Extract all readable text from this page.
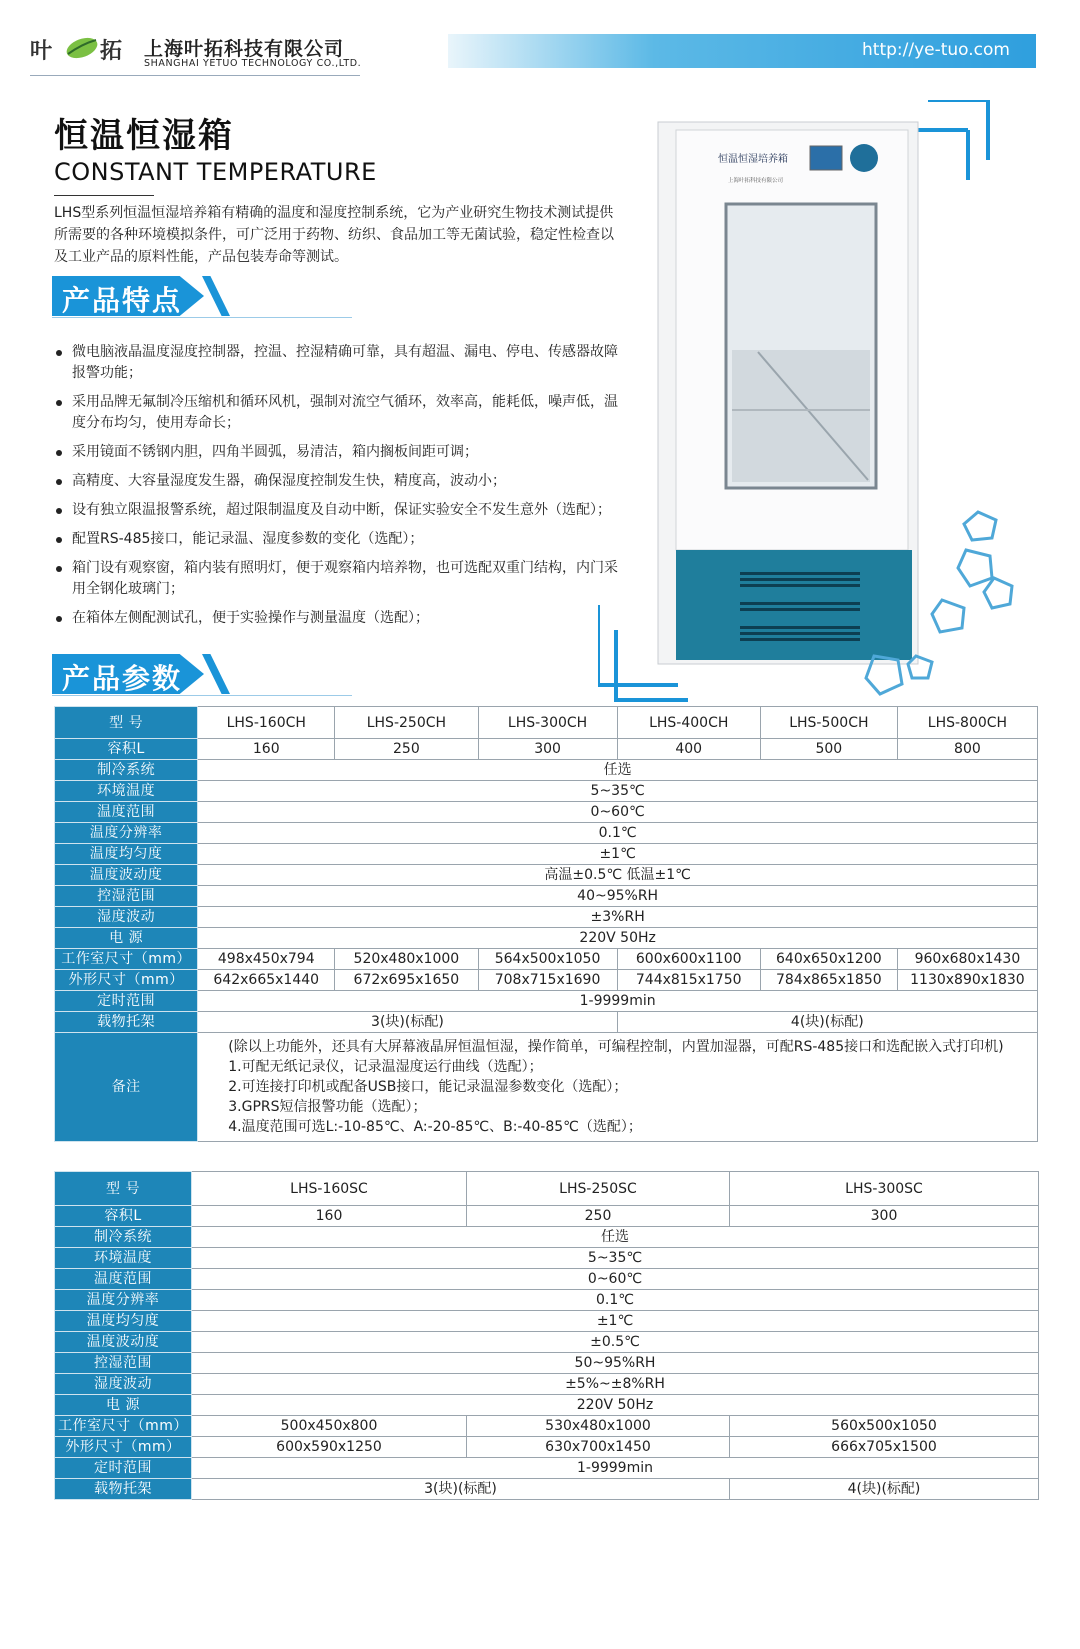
叶 拓 上海叶拓科技有限公司
SHANGHAI YETUO TECHNOLOGY CO.,LTD.
http://ye-tuo.com
恒温恒湿箱
CONSTANT TEMPERATURE
LHS型系列恒温恒湿培养箱有精确的温度和湿度控制系统，它为产业研究生物技术测试提供所需要的各种环境模拟条件，可广泛用于药物、纺织、食品加工等无菌试验，稳定性检查以及工业产品的原料性能，产品包装寿命等测试。
产品特点
微电脑液晶温度湿度控制器，控温、控湿精确可靠，具有超温、漏电、停电、传感器故障报警功能；
采用品牌无氟制冷压缩机和循环风机，强制对流空气循环，效率高，能耗低，噪声低，温度分布均匀，使用寿命长；
采用镜面不锈钢内胆，四角半圆弧，易清洁，箱内搁板间距可调；
高精度、大容量湿度发生器，确保湿度控制发生快，精度高，波动小；
设有独立限温报警系统，超过限制温度及自动中断，保证实验安全不发生意外（选配）；
配置RS-485接口，能记录温、湿度参数的变化（选配）；
箱门设有观察窗，箱内装有照明灯，便于观察箱内培养物，也可选配双重门结构，内门采用全钢化玻璃门；
在箱体左侧配测试孔，便于实验操作与测量温度（选配）；
恒温恒湿培养箱
上海叶拓科技有限公司
产品参数
型 号	LHS-160CH	LHS-250CH	LHS-300CH	LHS-400CH	LHS-500CH	LHS-800CH
容积L	160	250	300	400	500	800
制冷系统	任选					
环境温度	5~35℃					
温度范围	0~60℃					
温度分辨率	0.1℃					
温度均匀度	±1℃					
温度波动度	高温±0.5℃ 低温±1℃					
控湿范围	40~95%RH					
湿度波动	±3%RH					
电 源	220V 50Hz					
工作室尺寸（mm）	498x450x794	520x480x1000	564x500x1050	600x600x1100	640x650x1200	960x680x1430
外形尺寸（mm）	642x665x1440	672x695x1650	708x715x1690	744x815x1750	784x865x1850	1130x890x1830
定时范围	1-9999min					
载物托架	3(块)(标配)			4(块)(标配)		
备注	(除以上功能外，还具有大屏幕液晶屏恒温恒湿，操作简单，可编程控制，内置加湿器，可配RS-485接口和选配嵌入式打印机)
1.可配无纸记录仪，记录温湿度运行曲线（选配）；
2.可连接打印机或配备USB接口，能记录温湿参数变化（选配）；
3.GPRS短信报警功能（选配）；
4.温度范围可选L:-10-85℃、A:-20-85℃、B:-40-85℃（选配）；					
型 号	LHS-160SC	LHS-250SC	LHS-300SC
容积L	160	250	300
制冷系统	任选		
环境温度	5~35℃		
温度范围	0~60℃		
温度分辨率	0.1℃		
温度均匀度	±1℃		
温度波动度	±0.5℃		
控湿范围	50~95%RH		
湿度波动	±5%~±8%RH		
电 源	220V 50Hz		
工作室尺寸（mm）	500x450x800	530x480x1000	560x500x1050
外形尺寸（mm）	600x590x1250	630x700x1450	666x705x1500
定时范围	1-9999min		
载物托架	3(块)(标配)		4(块)(标配)
